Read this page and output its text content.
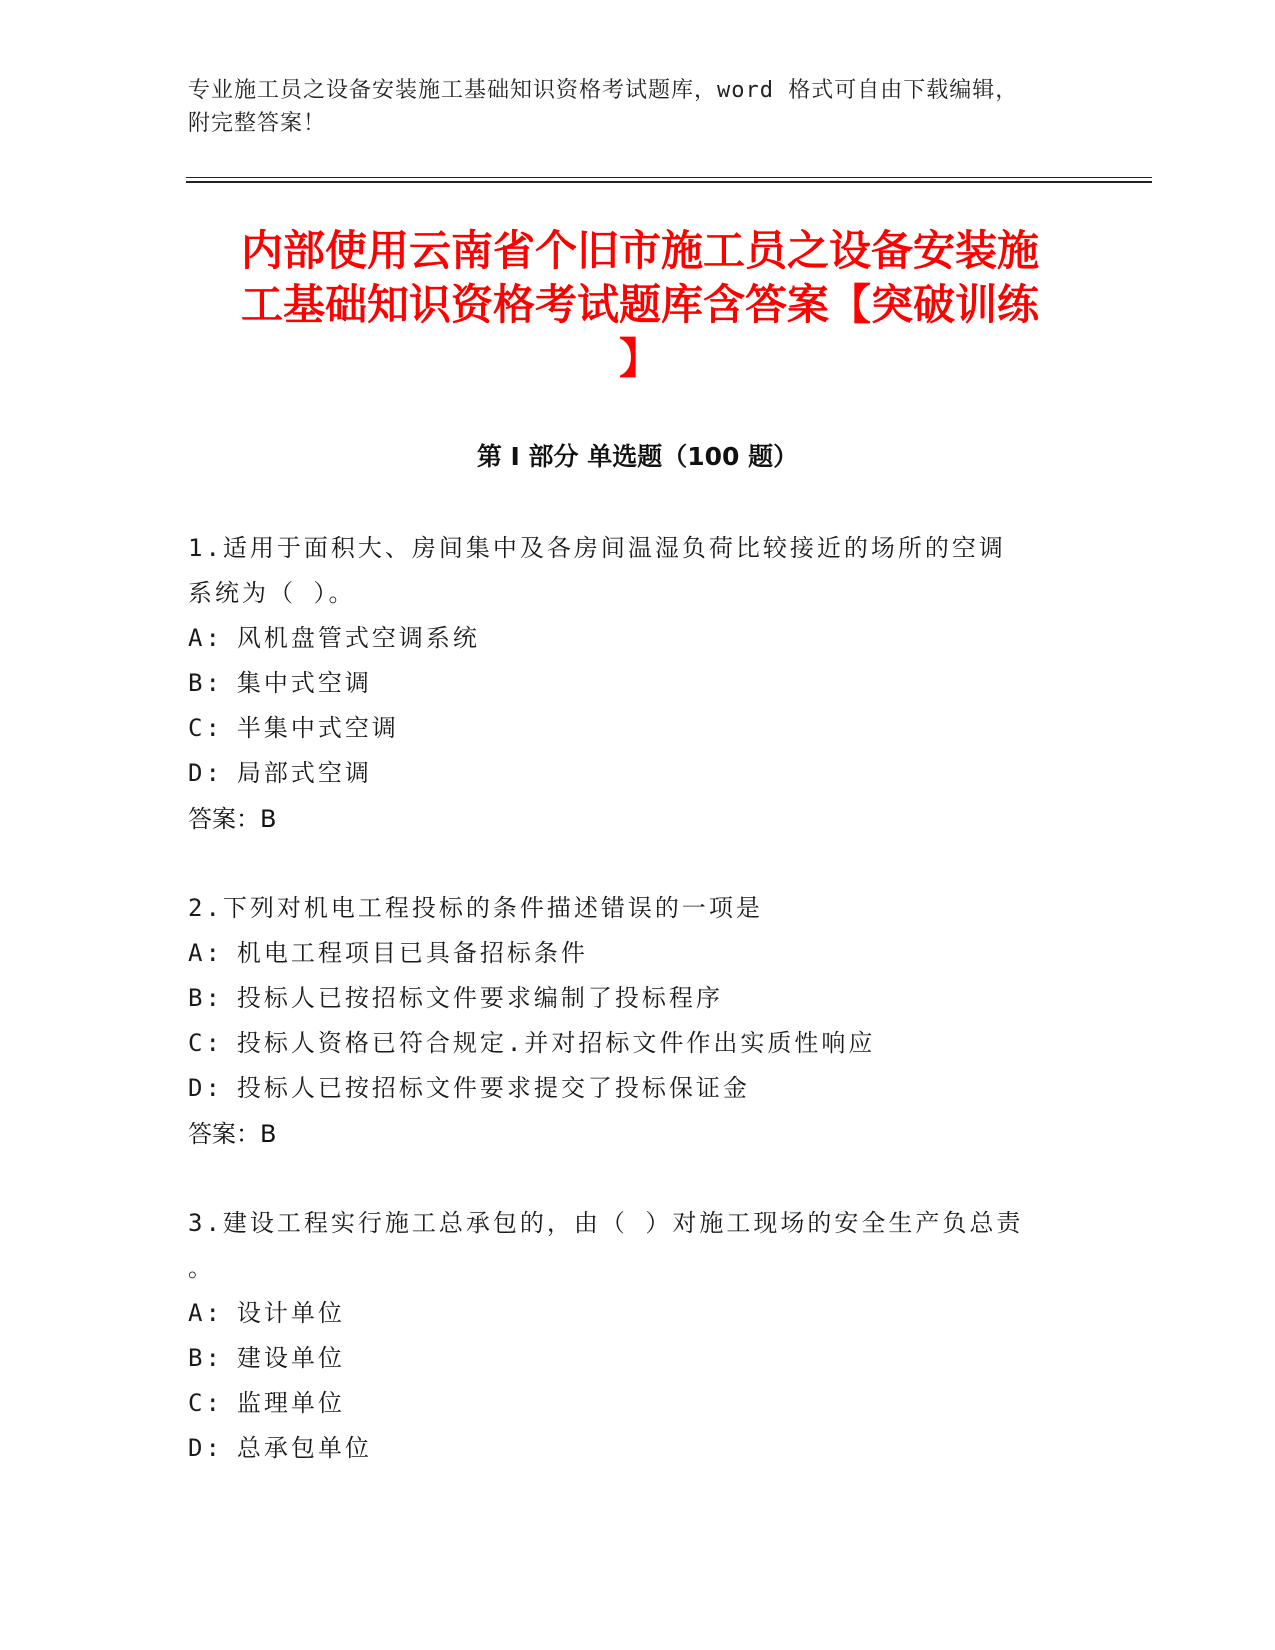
专业施工员之设备安装施工基础知识资格考试题库，word 格式可自由下载编辑，
附完整答案！
内部使用云南省个旧市施工员之设备安装施
工基础知识资格考试题库含答案【突破训练
】
第 I 部分 单选题（100 题）

1.适用于面积大、房间集中及各房间温湿负荷比较接近的场所的空调

系统为（ ）。

A: 风机盘管式空调系统

B: 集中式空调

C: 半集中式空调

D: 局部式空调

答案：B

2.下列对机电工程投标的条件描述错误的一项是

A: 机电工程项目已具备招标条件

B: 投标人已按招标文件要求编制了投标程序

C: 投标人资格已符合规定.并对招标文件作出实质性响应

D: 投标人已按招标文件要求提交了投标保证金

答案：B

3.建设工程实行施工总承包的，由（ ）对施工现场的安全生产负总责

。

A: 设计单位

B: 建设单位

C: 监理单位

D: 总承包单位
